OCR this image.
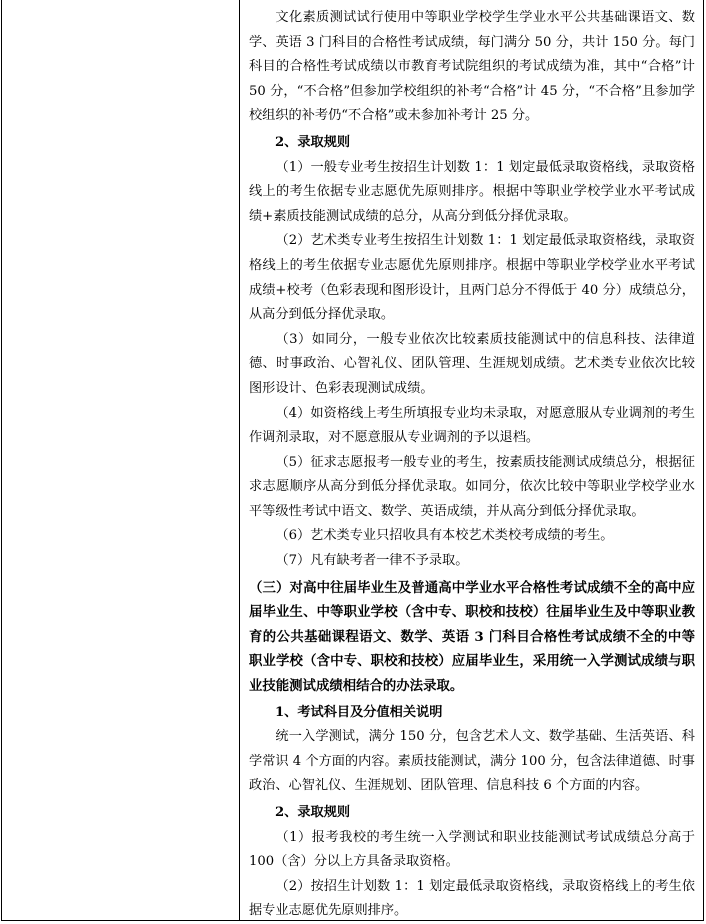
文化素质测试试行使用中等职业学校学生学业水平公共基础课语文、数学、英语 3 门科目的合格性考试成绩，每门满分 50 分，共计 150 分。每门科目的合格性考试成绩以市教育考试院组织的考试成绩为准，其中“合格”计 50 分，“不合格”但参加学校组织的补考“合格”计 45 分，“不合格”且参加学校组织的补考仍“不合格”或未参加补考计 25 分。

2、录取规则

（1）一般专业考生按招生计划数 1：1 划定最低录取资格线，录取资格线上的考生依据专业志愿优先原则排序。根据中等职业学校学业水平考试成绩+素质技能测试成绩的总分，从高分到低分择优录取。

（2）艺术类专业考生按招生计划数 1：1 划定最低录取资格线，录取资格线上的考生依据专业志愿优先原则排序。根据中等职业学校学业水平考试成绩+校考（色彩表现和图形设计，且两门总分不得低于 40 分）成绩总分，从高分到低分择优录取。

（3）如同分，一般专业依次比较素质技能测试中的信息科技、法律道德、时事政治、心智礼仪、团队管理、生涯规划成绩。艺术类专业依次比较图形设计、色彩表现测试成绩。

（4）如资格线上考生所填报专业均未录取，对愿意服从专业调剂的考生作调剂录取，对不愿意服从专业调剂的予以退档。

（5）征求志愿报考一般专业的考生，按素质技能测试成绩总分，根据征求志愿顺序从高分到低分择优录取。如同分，依次比较中等职业学校学业水平等级性考试中语文、数学、英语成绩，并从高分到低分择优录取。

（6）艺术类专业只招收具有本校艺术类校考成绩的考生。

（7）凡有缺考者一律不予录取。

（三）对高中往届毕业生及普通高中学业水平合格性考试成绩不全的高中应届毕业生、中等职业学校（含中专、职校和技校）往届毕业生及中等职业教育的公共基础课程语文、数学、英语 3 门科目合格性考试成绩不全的中等职业学校（含中专、职校和技校）应届毕业生，采用统一入学测试成绩与职业技能测试成绩相结合的办法录取。

1、考试科目及分值相关说明

统一入学测试，满分 150 分，包含艺术人文、数学基础、生活英语、科学常识 4 个方面的内容。素质技能测试，满分 100 分，包含法律道德、时事政治、心智礼仪、生涯规划、团队管理、信息科技 6 个方面的内容。

2、录取规则

（1）报考我校的考生统一入学测试和职业技能测试考试成绩总分高于 100（含）分以上方具备录取资格。

（2）按招生计划数 1：1 划定最低录取资格线，录取资格线上的考生依据专业志愿优先原则排序。
